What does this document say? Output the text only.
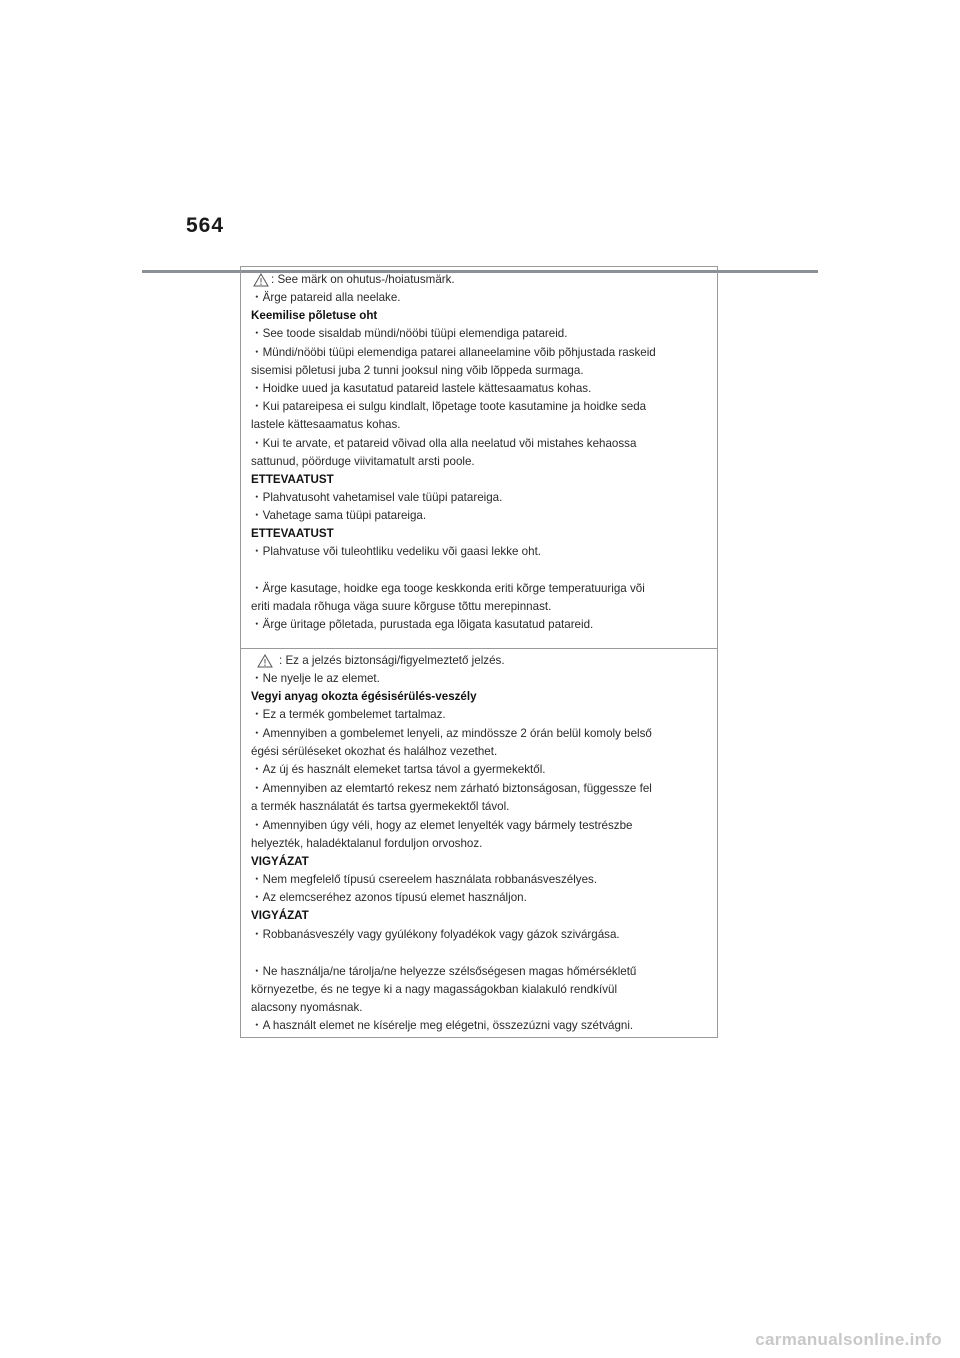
564
: See märk on ohutus-/hoiatusmärk.

・Ärge patareid alla neelake.

Keemilise põletuse oht

・See toode sisaldab mündi/nööbi tüüpi elemendiga patareid.

・Mündi/nööbi tüüpi elemendiga patarei allaneelamine võib põhjustada raskeid

sisemisi põletusi juba 2 tunni jooksul ning võib lõppeda surmaga.

・Hoidke uued ja kasutatud patareid lastele kättesaamatus kohas.

・Kui patareipesa ei sulgu kindlalt, lõpetage toote kasutamine ja hoidke seda

lastele kättesaamatus kohas.

・Kui te arvate, et patareid võivad olla alla neelatud või mistahes kehaossa

sattunud, pöörduge viivitamatult arsti poole.

ETTEVAATUST

・Plahvatusoht vahetamisel vale tüüpi patareiga.

・Vahetage sama tüüpi patareiga.

ETTEVAATUST

・Plahvatuse või tuleohtliku vedeliku või gaasi lekke oht.

・Ärge kasutage, hoidke ega tooge keskkonda eriti kõrge temperatuuriga või

eriti madala rõhuga väga suure kõrguse tõttu merepinnast.

・Ärge üritage põletada, purustada ega lõigata kasutatud patareid.

: Ez a jelzés biztonsági/figyelmeztető jelzés.

・Ne nyelje le az elemet.

Vegyi anyag okozta égésisérülés-veszély

・Ez a termék gombelemet tartalmaz.

・Amennyiben a gombelemet lenyeli, az mindössze 2 órán belül komoly belső

égési sérüléseket okozhat és halálhoz vezethet.

・Az új és használt elemeket tartsa távol a gyermekektől.

・Amennyiben az elemtartó rekesz nem zárható biztonságosan, függessze fel

a termék használatát és tartsa gyermekektől távol.

・Amennyiben úgy véli, hogy az elemet lenyelték vagy bármely testrészbe

helyezték, haladéktalanul forduljon orvoshoz.

VIGYÁZAT

・Nem megfelelő típusú csereelem használata robbanásveszélyes.

・Az elemcseréhez azonos típusú elemet használjon.

VIGYÁZAT

・Robbanásveszély vagy gyúlékony folyadékok vagy gázok szivárgása.

・Ne használja/ne tárolja/ne helyezze szélsőségesen magas hőmérsékletű

környezetbe, és ne tegye ki a nagy magasságokban kialakuló rendkívül

alacsony nyomásnak.

・A használt elemet ne kísérelje meg elégetni, összezúzni vagy szétvágni.

carmanualsonline.info
